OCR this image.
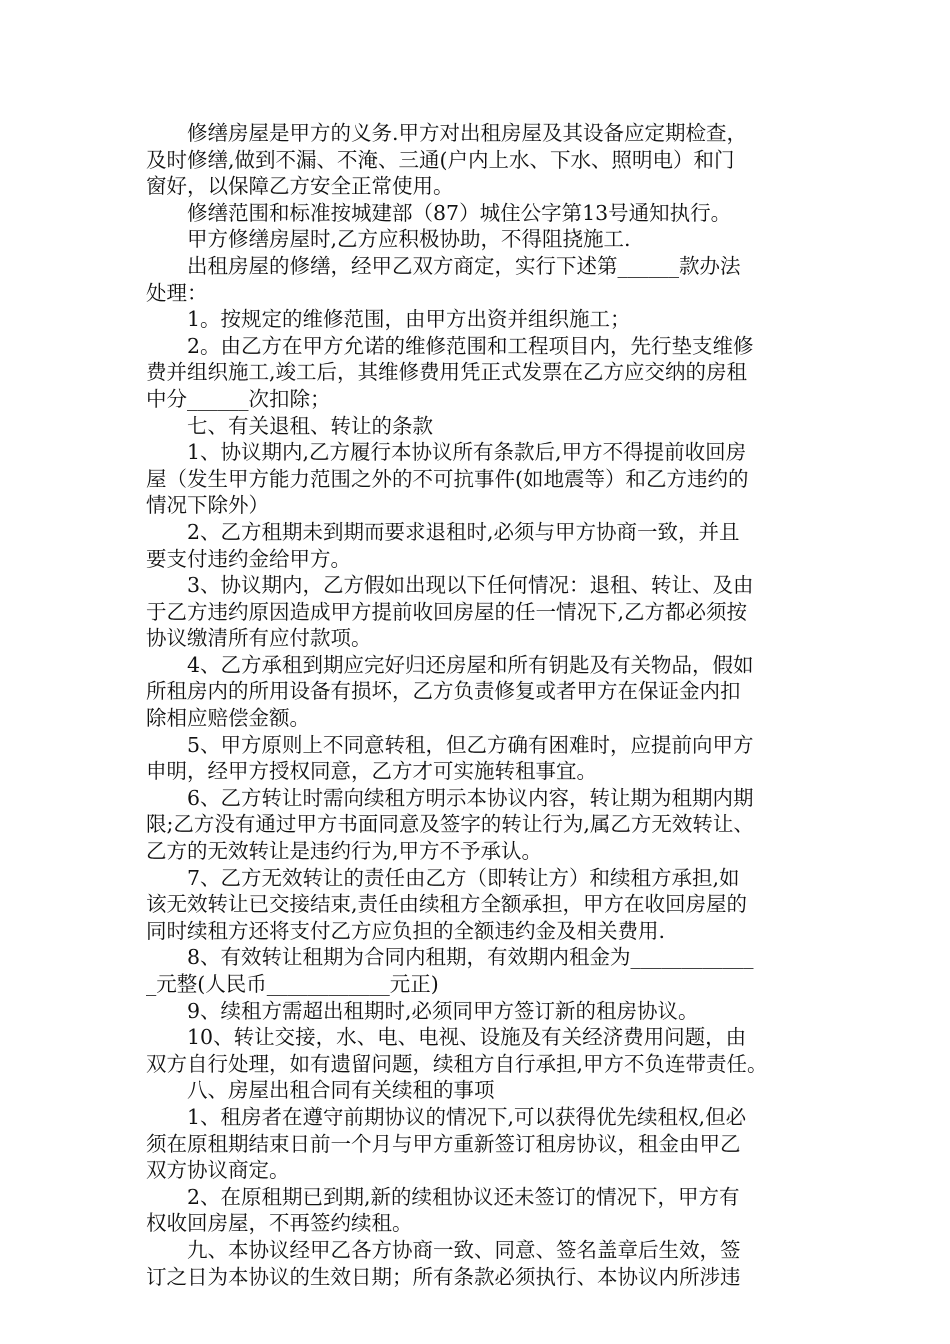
修缮房屋是甲方的义务.甲方对出租房屋及其设备应定期检查，
及时修缮,做到不漏、不淹、三通(户内上水、下水、照明电）和门
窗好，以保障乙方安全正常使用。
修缮范围和标准按城建部（87）城住公字第13号通知执行。
甲方修缮房屋时,乙方应积极协助，不得阻挠施工.
出租房屋的修缮，经甲乙双方商定，实行下述第______款办法
处理：
1。按规定的维修范围，由甲方出资并组织施工；
2。由乙方在甲方允诺的维修范围和工程项目内，先行垫支维修
费并组织施工,竣工后，其维修费用凭正式发票在乙方应交纳的房租
中分______次扣除；
七、有关退租、转让的条款
1、协议期内,乙方履行本协议所有条款后,甲方不得提前收回房
屋（发生甲方能力范围之外的不可抗事件(如地震等）和乙方违约的
情况下除外）
2、乙方租期未到期而要求退租时,必须与甲方协商一致，并且
要支付违约金给甲方。
3、协议期内，乙方假如出现以下任何情况：退租、转让、及由
于乙方违约原因造成甲方提前收回房屋的任一情况下,乙方都必须按
协议缴清所有应付款项。
4、乙方承租到期应完好归还房屋和所有钥匙及有关物品，假如
所租房内的所用设备有损坏，乙方负责修复或者甲方在保证金内扣
除相应赔偿金额。
5、甲方原则上不同意转租，但乙方确有困难时，应提前向甲方
申明，经甲方授权同意，乙方才可实施转租事宜。
6、乙方转让时需向续租方明示本协议内容，转让期为租期内期
限;乙方没有通过甲方书面同意及签字的转让行为,属乙方无效转让、
乙方的无效转让是违约行为,甲方不予承认。
7、乙方无效转让的责任由乙方（即转让方）和续租方承担,如
该无效转让已交接结束,责任由续租方全额承担，甲方在收回房屋的
同时续租方还将支付乙方应负担的全额违约金及相关费用.
8、有效转让租期为合同内租期，有效期内租金为____________
_元整(人民币____________元正)
9、续租方需超出租期时,必须同甲方签订新的租房协议。
10、转让交接，水、电、电视、设施及有关经济费用问题，由
双方自行处理，如有遗留问题，续租方自行承担,甲方不负连带责任。
八、房屋出租合同有关续租的事项
1、租房者在遵守前期协议的情况下,可以获得优先续租权,但必
须在原租期结束日前一个月与甲方重新签订租房协议，租金由甲乙
双方协议商定。
2、在原租期已到期,新的续租协议还未签订的情况下，甲方有
权收回房屋，不再签约续租。
九、本协议经甲乙各方协商一致、同意、签名盖章后生效，签
订之日为本协议的生效日期；所有条款必须执行、本协议内所涉违
